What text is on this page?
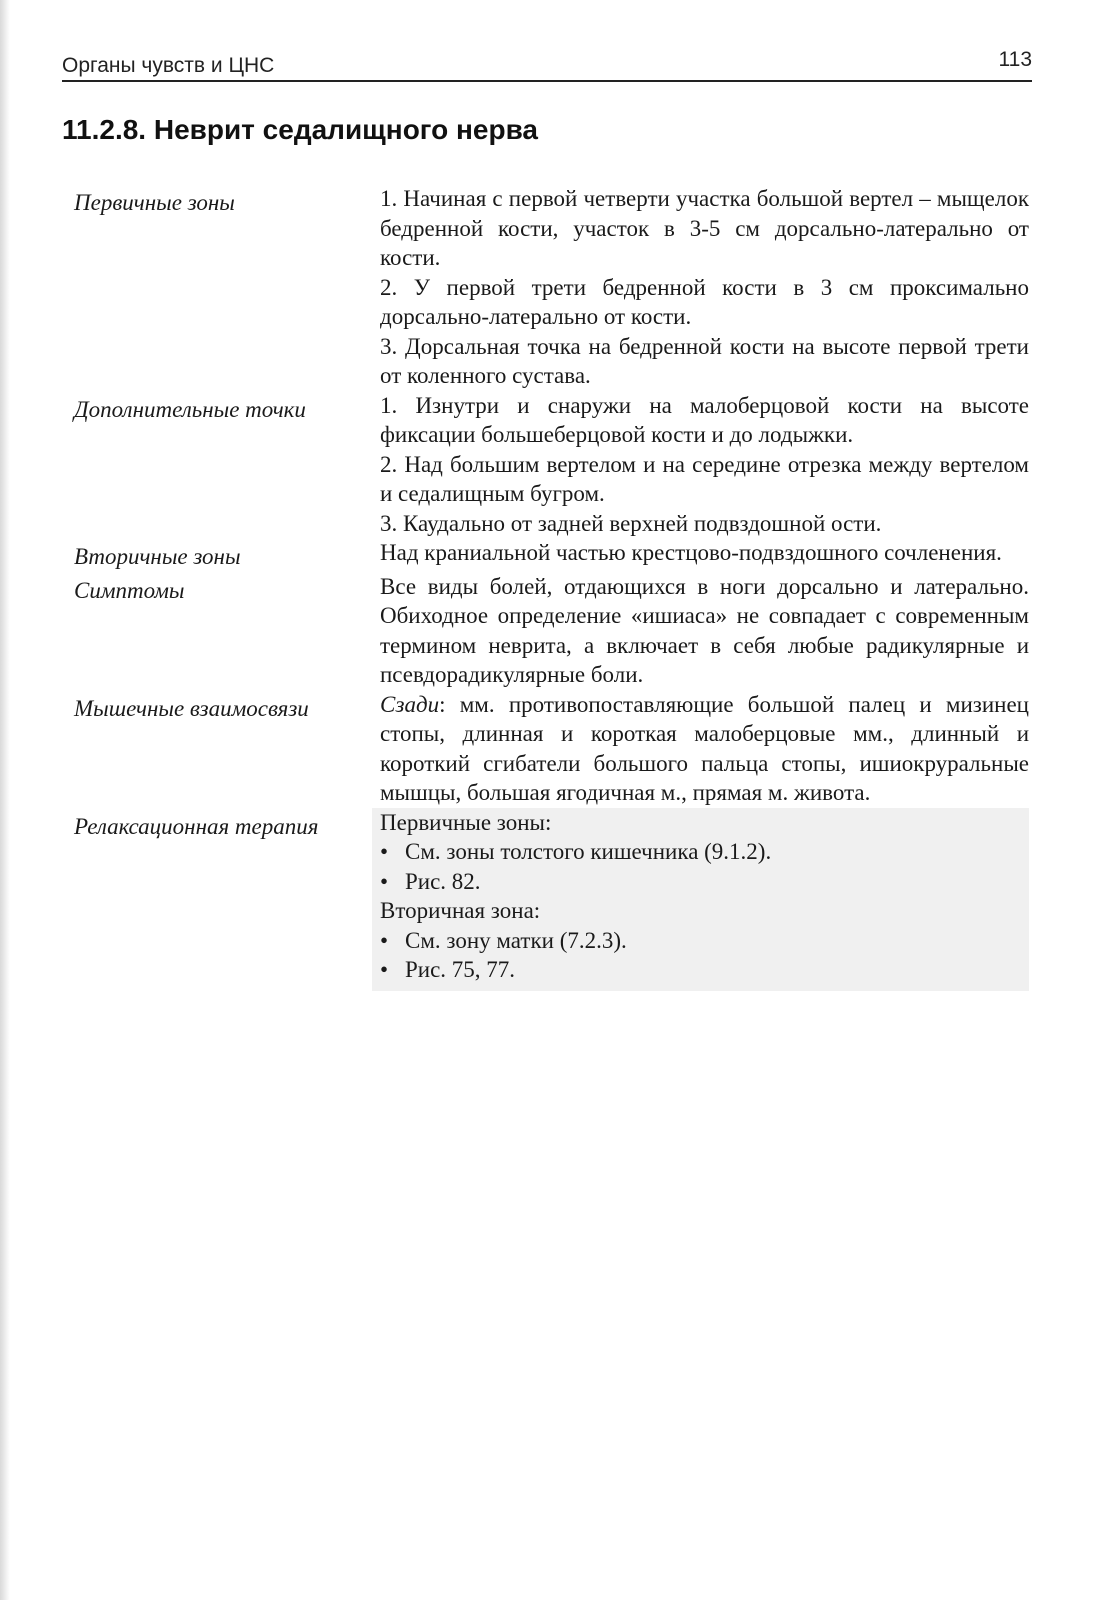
Органы чувств и ЦНС	113
11.2.8. Неврит седалищного нерва
Первичные зоны	1. Начиная с первой четверти участка большой вертел – мыщелок бедренной кости, участок в 3-5 см дорсально-латерально от кости.

2. У первой трети бедренной кости в 3 см проксимально дорсально-латерально от кости.

3. Дорсальная точка на бедренной кости на высоте первой трети от коленного сустава.

Дополнительные точки	1. Изнутри и снаружи на малоберцовой кости на высоте фиксации большеберцовой кости и до лодыжки.

2. Над большим вертелом и на середине отрезка между вертелом и седалищным бугром.

3. Каудально от задней верхней подвздошной ости.

Вторичные зоны	Над краниальной частью крестцово-подвздошного сочленения.

Симптомы	Все виды болей, отдающихся в ноги дорсально и латерально. Обиходное определение «ишиаса» не совпадает с современным термином неврита, а включает в себя любые радикулярные и псевдорадикулярные боли.

Мышечные взаимосвязи	Сзади: мм. противопоставляющие большой палец и мизинец стопы, длинная и короткая малоберцовые мм., длинный и короткий сгибатели большого пальца стопы, ишиокруральные мышцы, большая ягодичная м., прямая м. живота.

Релаксационная терапия	Первичные зоны:

• См. зоны толстого кишечника (9.1.2).
• Рис. 82.

Вторичная зона:

• См. зону матки (7.2.3).
• Рис. 75, 77.
